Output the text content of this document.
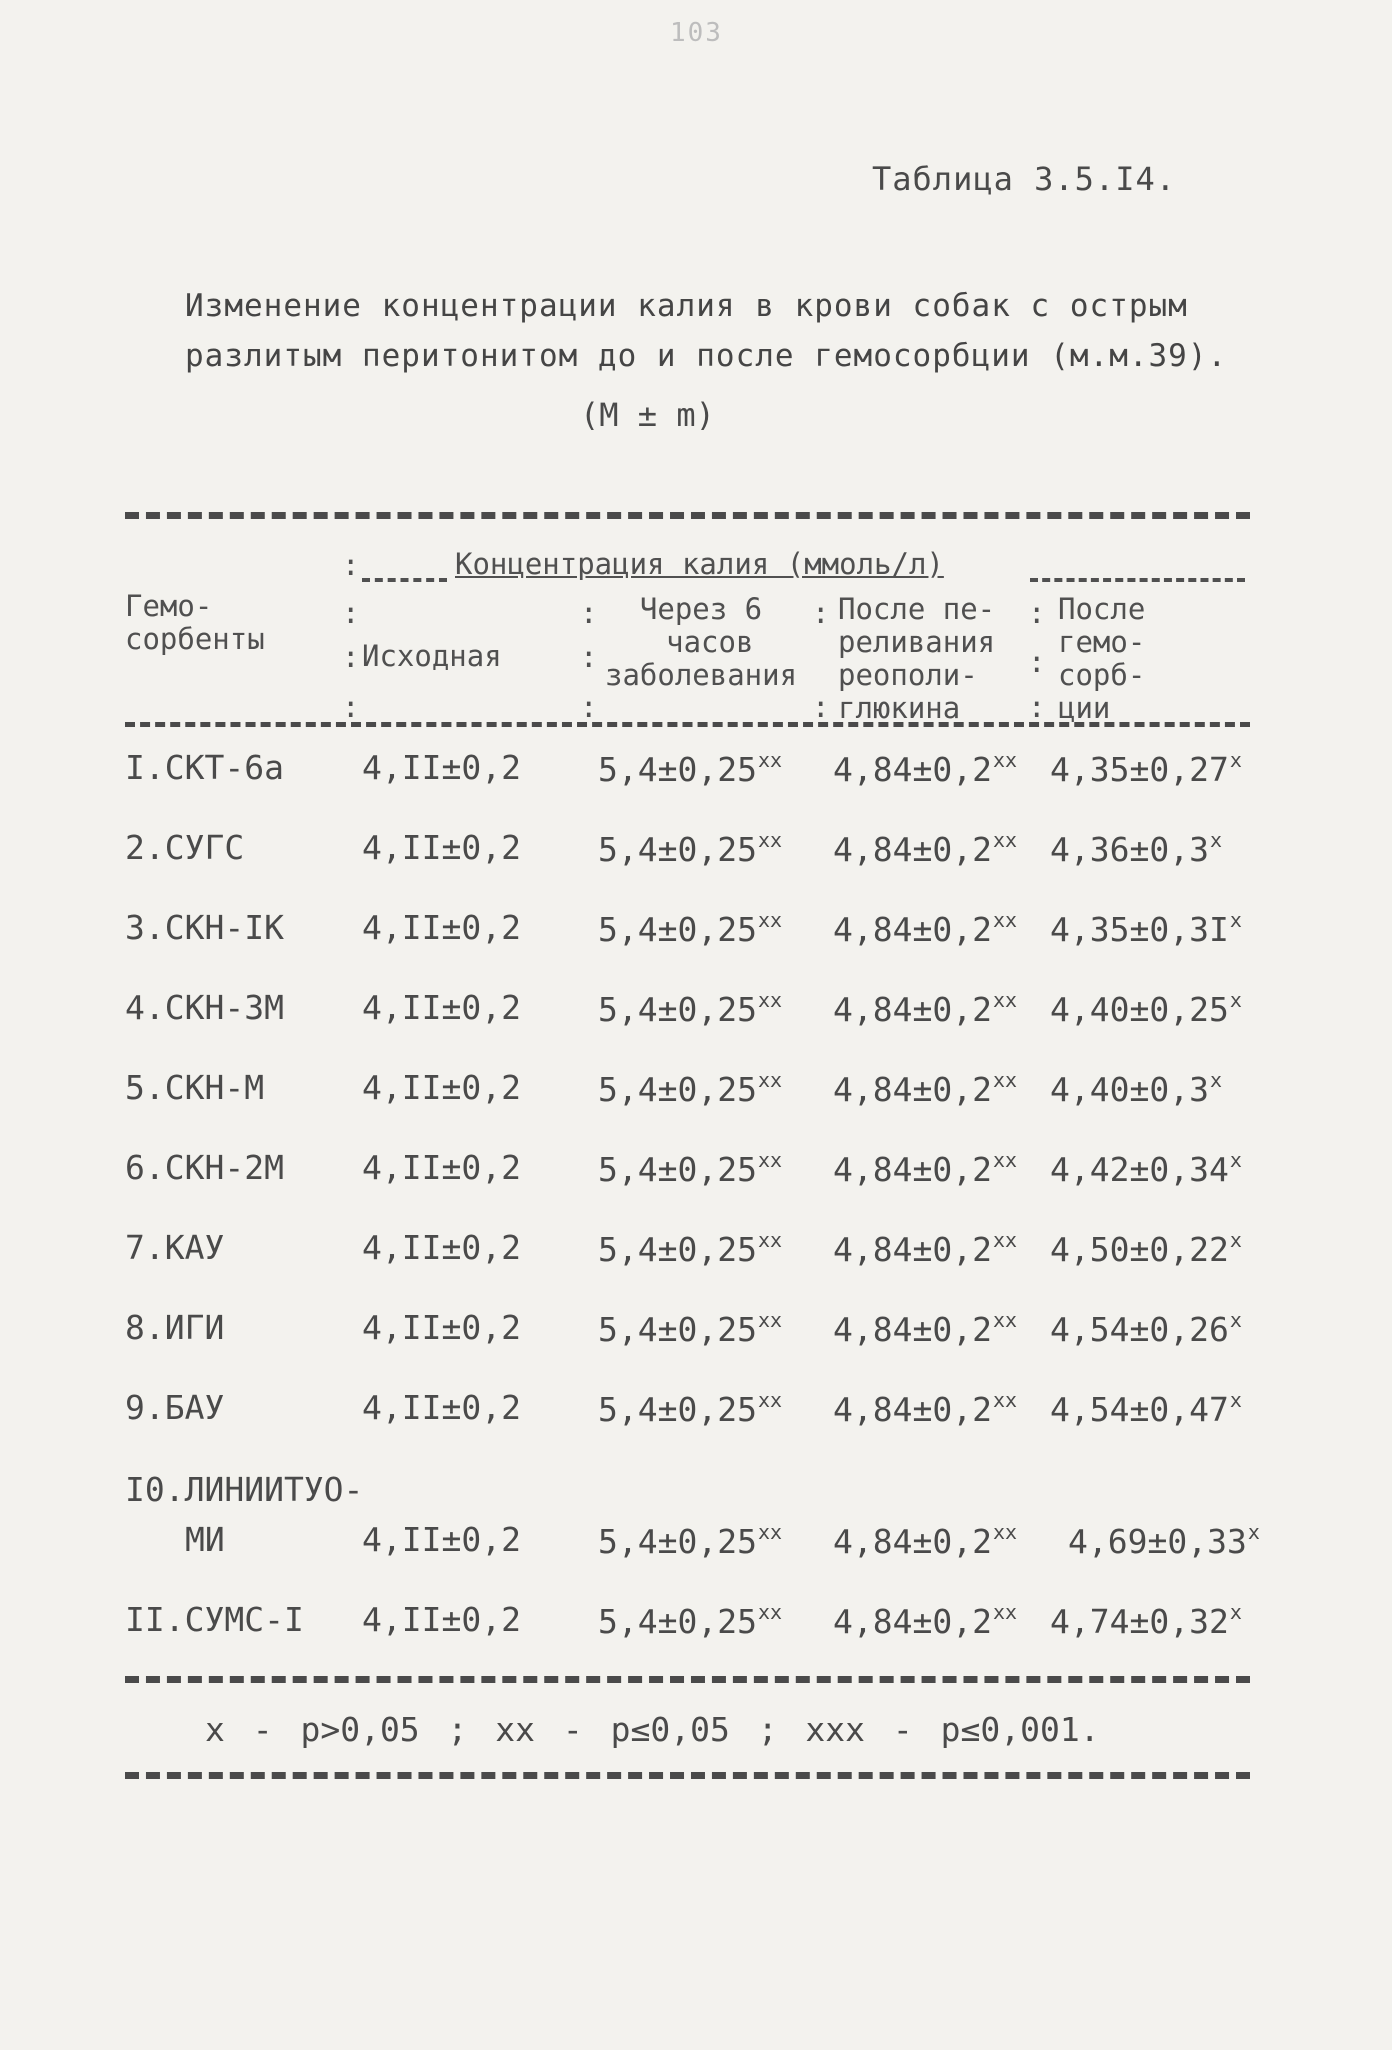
103
Таблица 3.5.I4.
Изменение концентрации калия в крови собак с острым
разлитым перитонитом до и после гемосорбции (м.м.39).
(М ± m)
Гемо-
сорбенты
:
:
:
:
Концентрация калия (ммоль/л)
Исходная
:
:
:
Через 6
часов
заболевания
:
:
После пе-
реливания
реополи-
глюкина
:
:
:
После
гемо-
сорб-
ции
I.СКТ-6а 4,II±0,2 $5,4\pm 0,25^{xx}$ $4,84\pm 0,2^{xx}$ $4,35\pm 0,27^x$
2.СУГС	4,II±0,2 $5,4\pm 0,25^{xx}$ $4,84\pm 0,2^{xx}$ $4,36\pm 0,3^x$
3.СКН-IК 4,II±0,2 $5,4\pm 0,25^{xx}$ $4,84\pm 0,2^{xx}$ $4,35\pm 0,3I^x$
4.СКН-3М 4,II±0,2 $5,4\pm 0,25^{xx}$ $4,84\pm 0,2^{xx}$ $4,40\pm 0,25^x$
5.СКН-М	4,II±0,2 $5,4\pm 0,25^{xx}$ $4,84\pm 0,2^{xx}$ $4,40\pm 0,3^x$
6.СКН-2М 4,II±0,2 $5,4\pm 0,25^{xx}$ $4,84\pm 0,2^{xx}$ $4,42\pm 0,34^x$
7.КАУ	4,II±0,2 $5,4\pm 0,25^{xx}$ $4,84\pm 0,2^{xx}$ $4,50\pm 0,22^x$
8.ИГИ	4,II±0,2 $5,4\pm 0,25^{xx}$ $4,84\pm 0,2^{xx}$ $4,54\pm 0,26^x$
9.БАУ	4,II±0,2 $5,4\pm 0,25^{xx}$ $4,84\pm 0,2^{xx}$ $4,54\pm 0,47^x$
I0.ЛИНИИТУО-
МИ	4,II±0,2 $5,4\pm 0,25^{xx}$ $4,84\pm 0,2^{xx}$ $4,69\pm 0,33^x$
II.СУМС-I 4,II±0,2 $5,4\pm 0,25^{xx}$ $4,84\pm 0,2^{xx}$ $4,74\pm 0,32^x$
x - p>0,05 ; xx - p≤0,05 ; xxx - p≤0,001.
